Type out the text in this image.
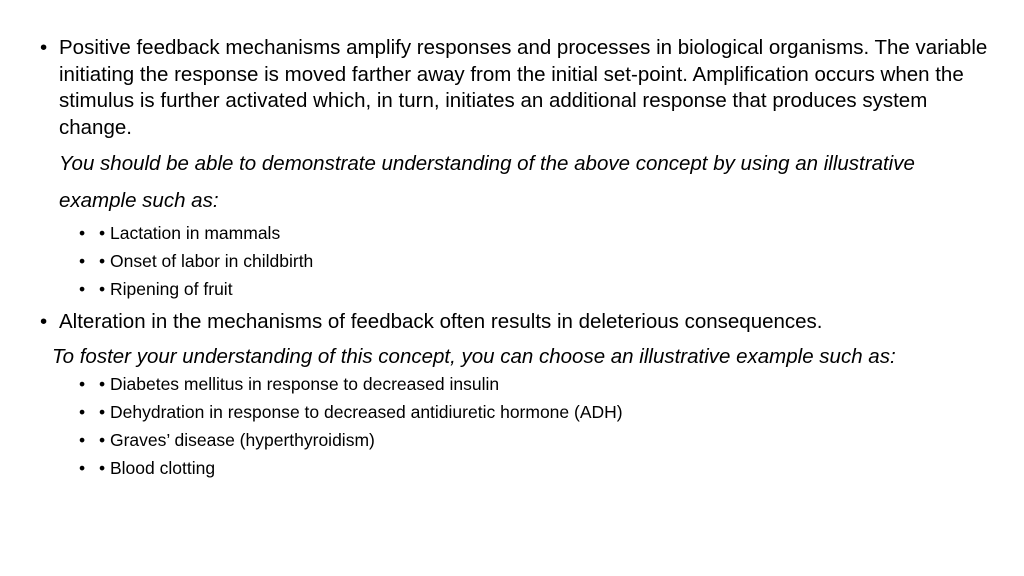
• Positive feedback mechanisms amplify responses and processes in biological organisms. The variable initiating the response is moved farther away from the initial set-point. Amplification occurs when the stimulus is further activated which, in turn, initiates an additional response that produces system change.

You should be able to demonstrate understanding of the above concept by using an illustrative example such as:

• • Lactation in mammals
• • Onset of labor in childbirth
• • Ripening of fruit

• Alteration in the mechanisms of feedback often results in deleterious consequences.

To foster your understanding of this concept, you can choose an illustrative example such as:

• • Diabetes mellitus in response to decreased insulin
• • Dehydration in response to decreased antidiuretic hormone (ADH)
• • Graves’ disease (hyperthyroidism)
• • Blood clotting
